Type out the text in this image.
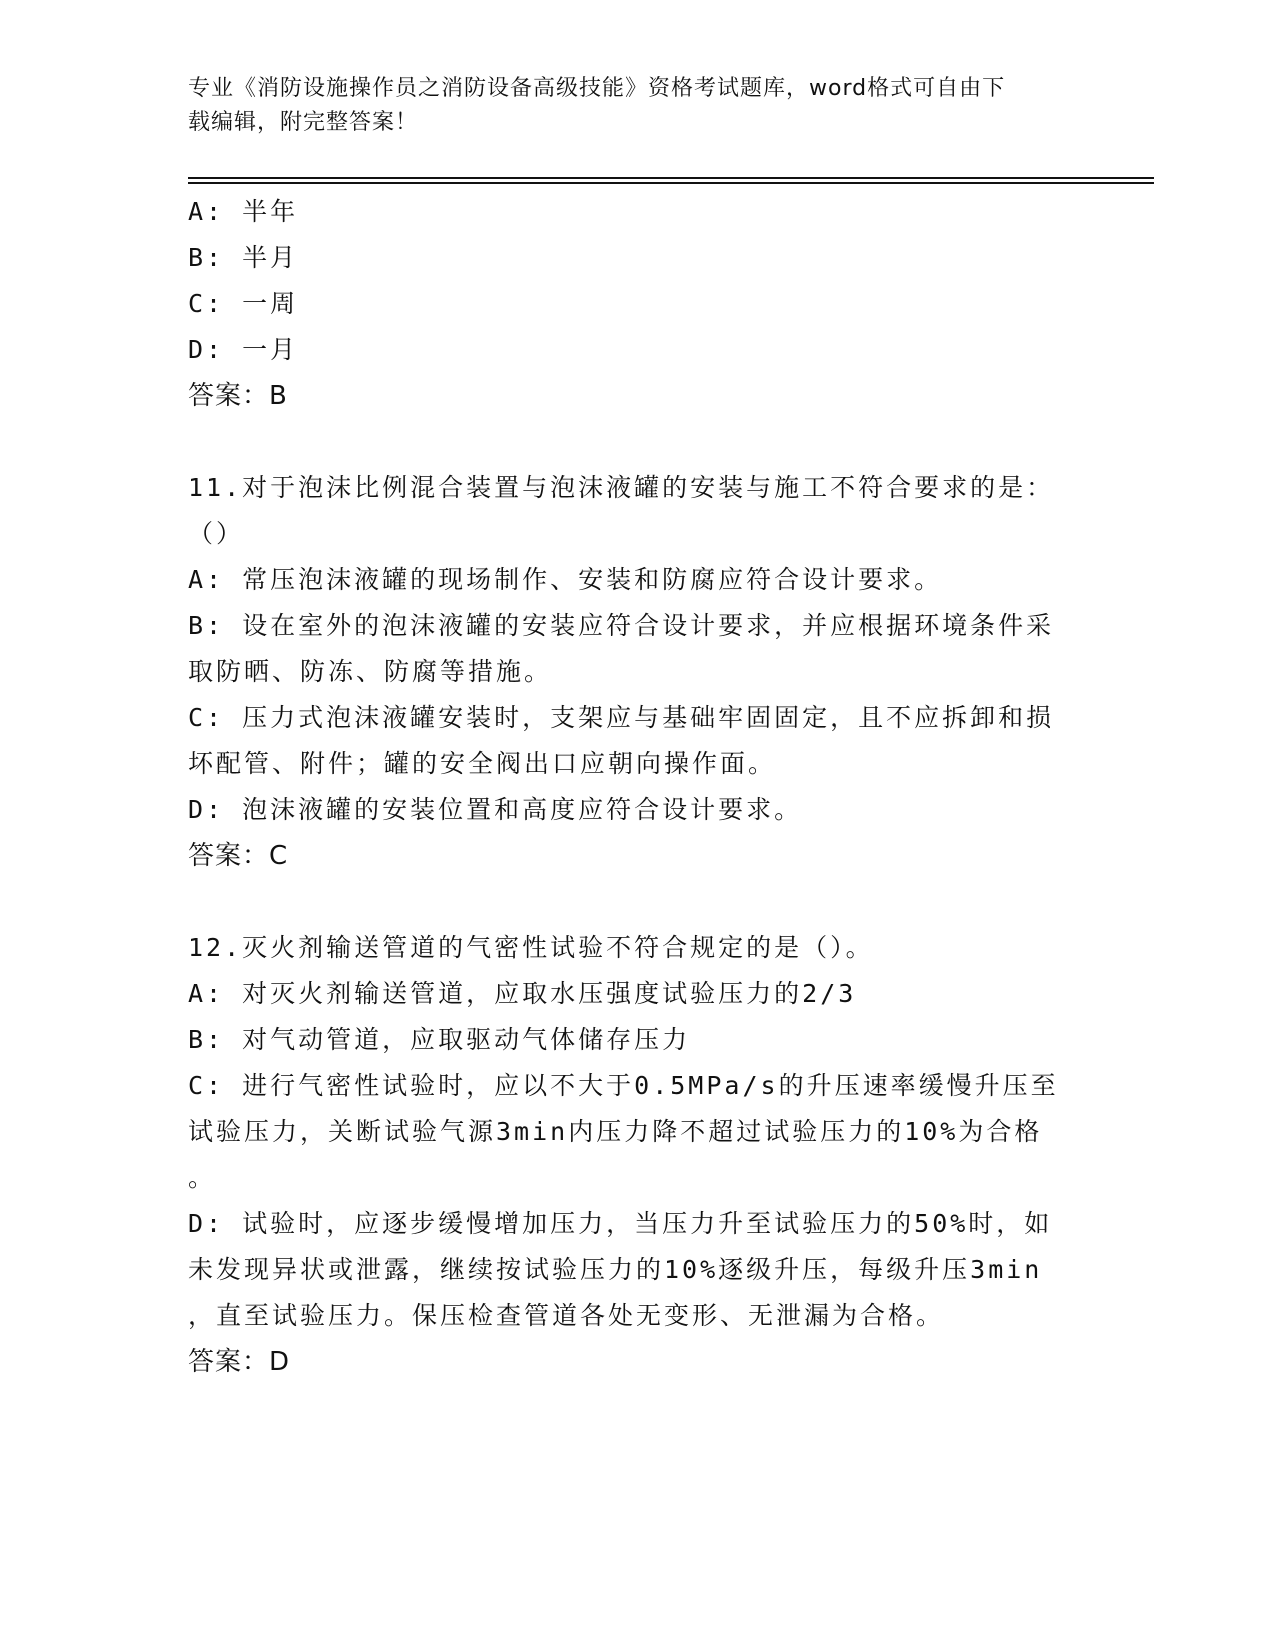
专业《消防设施操作员之消防设备高级技能》资格考试题库，word格式可自由下
载编辑，附完整答案！
A: 半年
B: 半月
C: 一周
D: 一月
答案：B
11.对于泡沫比例混合装置与泡沫液罐的安装与施工不符合要求的是：
（）
A: 常压泡沫液罐的现场制作、安装和防腐应符合设计要求。
B: 设在室外的泡沫液罐的安装应符合设计要求，并应根据环境条件采
取防晒、防冻、防腐等措施。
C: 压力式泡沫液罐安装时，支架应与基础牢固固定，且不应拆卸和损
坏配管、附件；罐的安全阀出口应朝向操作面。
D: 泡沫液罐的安装位置和高度应符合设计要求。
答案：C
12.灭火剂输送管道的气密性试验不符合规定的是（）。
A: 对灭火剂输送管道，应取水压强度试验压力的2/3
B: 对气动管道，应取驱动气体储存压力
C: 进行气密性试验时，应以不大于0.5MPa/s的升压速率缓慢升压至
试验压力，关断试验气源3min内压力降不超过试验压力的10%为合格
。
D: 试验时，应逐步缓慢增加压力，当压力升至试验压力的50%时，如
未发现异状或泄露，继续按试验压力的10%逐级升压，每级升压3min
，直至试验压力。保压检查管道各处无变形、无泄漏为合格。
答案：D
